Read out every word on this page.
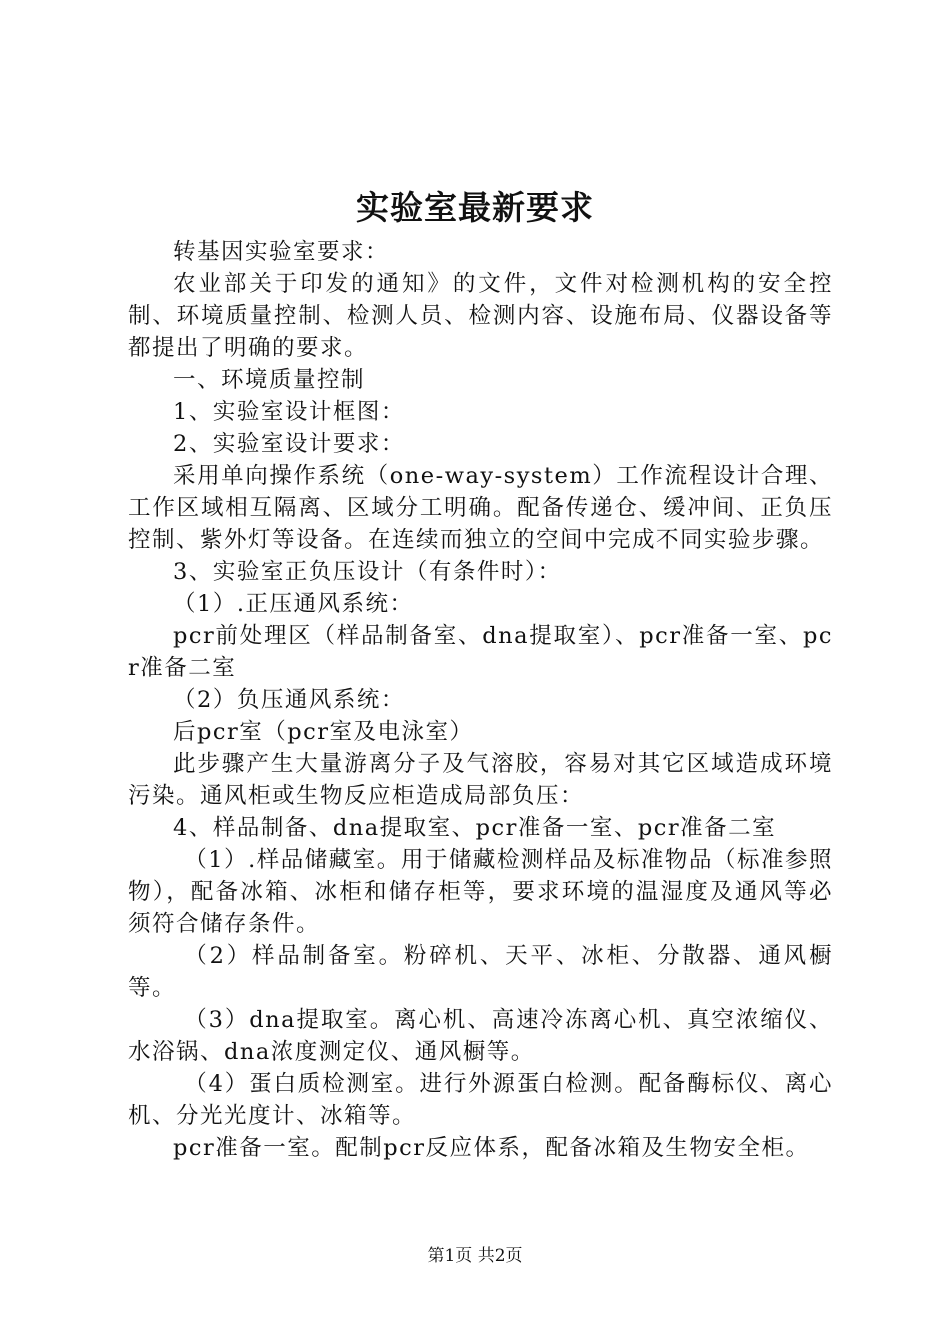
实验室最新要求

转基因实验室要求：

农业部关于印发的通知》的文件，文件对检测机构的安全控制、环境质量控制、检测人员、检测内容、设施布局、仪器设备等都提出了明确的要求。

一、环境质量控制

1、实验室设计框图：

2、实验室设计要求：

采用单向操作系统（one-way-system）工作流程设计合理、工作区域相互隔离、区域分工明确。配备传递仓、缓冲间、正负压控制、紫外灯等设备。在连续而独立的空间中完成不同实验步骤。

3、实验室正负压设计（有条件时）：

（1）.正压通风系统：

pcr前处理区（样品制备室、dna提取室）、pcr准备一室、pcr准备二室

（2）负压通风系统：

后pcr室（pcr室及电泳室）

此步骤产生大量游离分子及气溶胶，容易对其它区域造成环境污染。通风柜或生物反应柜造成局部负压：

4、样品制备、dna提取室、pcr准备一室、pcr准备二室

（1）.样品储藏室。用于储藏检测样品及标准物品（标准参照物），配备冰箱、冰柜和储存柜等，要求环境的温湿度及通风等必须符合储存条件。

（2）样品制备室。粉碎机、天平、冰柜、分散器、通风橱等。

（3）dna提取室。离心机、高速冷冻离心机、真空浓缩仪、水浴锅、dna浓度测定仪、通风橱等。

（4）蛋白质检测室。进行外源蛋白检测。配备酶标仪、离心机、分光光度计、冰箱等。

pcr准备一室。配制pcr反应体系，配备冰箱及生物安全柜。

第1页 共2页
